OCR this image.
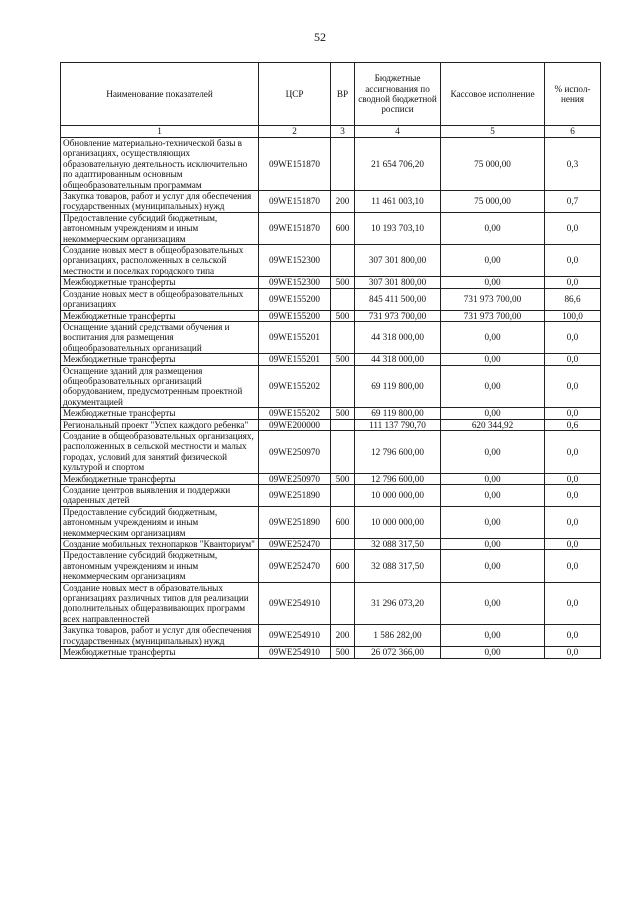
52
Наименование показателей	ЦСР	ВР	Бюджетные ассигнования по сводной бюджетной росписи	Кассовое исполнение	% испол-нения
1	2	3	4	5	6
Обновление материально-технической базы в организациях, осуществляющих образовательную деятельность исключительно по адаптированным основным общеобразовательным программам	09WE151870		21 654 706,20	75 000,00	0,3
Закупка товаров, работ и услуг для обеспечения государственных (муниципальных) нужд	09WE151870	200	11 461 003,10	75 000,00	0,7
Предоставление субсидий бюджетным, автономным учреждениям и иным некоммерческим организациям	09WE151870	600	10 193 703,10	0,00	0,0
Создание новых мест в общеобразовательных организациях, расположенных в сельской местности и поселках городского типа	09WE152300		307 301 800,00	0,00	0,0
Межбюджетные трансферты	09WE152300	500	307 301 800,00	0,00	0,0
Создание новых мест в общеобразовательных организациях	09WE155200		845 411 500,00	731 973 700,00	86,6
Межбюджетные трансферты	09WE155200	500	731 973 700,00	731 973 700,00	100,0
Оснащение зданий средствами обучения и воспитания для размещения общеобразовательных организаций	09WE155201		44 318 000,00	0,00	0,0
Межбюджетные трансферты	09WE155201	500	44 318 000,00	0,00	0,0
Оснащение зданий для размещения общеобразовательных организаций оборудованием, предусмотренным проектной документацией	09WE155202		69 119 800,00	0,00	0,0
Межбюджетные трансферты	09WE155202	500	69 119 800,00	0,00	0,0
Региональный проект "Успех каждого ребенка"	09WE200000		111 137 790,70	620 344,92	0,6
Создание в общеобразовательных организациях, расположенных в сельской местности и малых городах, условий для занятий физической культурой и спортом	09WE250970		12 796 600,00	0,00	0,0
Межбюджетные трансферты	09WE250970	500	12 796 600,00	0,00	0,0
Создание центров выявления и поддержки одаренных детей	09WE251890		10 000 000,00	0,00	0,0
Предоставление субсидий бюджетным, автономным учреждениям и иным некоммерческим организациям	09WE251890	600	10 000 000,00	0,00	0,0
Создание мобильных технопарков "Кванториум"	09WE252470		32 088 317,50	0,00	0,0
Предоставление субсидий бюджетным, автономным учреждениям и иным некоммерческим организациям	09WE252470	600	32 088 317,50	0,00	0,0
Создание новых мест в образовательных организациях различных типов для реализации дополнительных общеразвивающих программ всех направленностей	09WE254910		31 296 073,20	0,00	0,0
Закупка товаров, работ и услуг для обеспечения государственных (муниципальных) нужд	09WE254910	200	1 586 282,00	0,00	0,0
Межбюджетные трансферты	09WE254910	500	26 072 366,00	0,00	0,0
